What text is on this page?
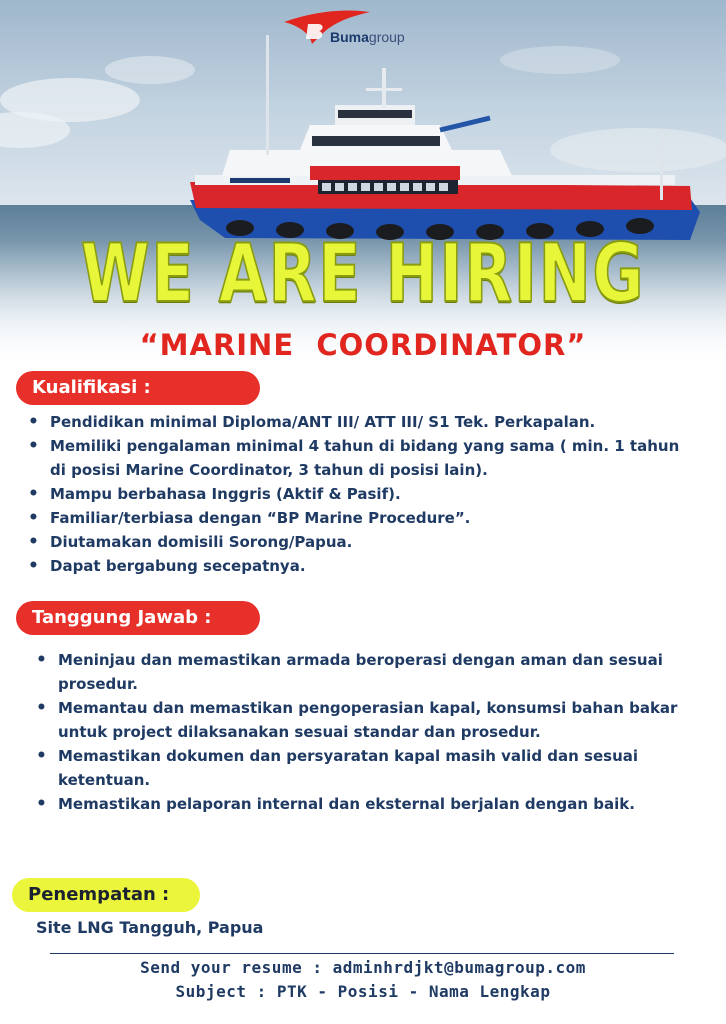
Bumagroup
WE ARE HIRING
“MARINE  COORDINATOR”
Kualifikasi :
• Pendidikan minimal Diploma/ANT III/ ATT III/ S1 Tek. Perkapalan.
• Memiliki pengalaman minimal 4 tahun di bidang yang sama ( min. 1 tahun di posisi Marine Coordinator, 3 tahun di posisi lain).
• Mampu berbahasa Inggris (Aktif & Pasif).
• Familiar/terbiasa dengan “BP Marine Procedure”.
• Diutamakan domisili Sorong/Papua.
• Dapat bergabung secepatnya.
Tanggung Jawab :
• Meninjau dan memastikan armada beroperasi dengan aman dan sesuai prosedur.
• Memantau dan memastikan pengoperasian kapal, konsumsi bahan bakar untuk project dilaksanakan sesuai standar dan prosedur.
• Memastikan dokumen dan persyaratan kapal masih valid dan sesuai ketentuan.
• Memastikan pelaporan internal dan eksternal berjalan dengan baik.
Penempatan :
Site LNG Tangguh, Papua
Send your resume : adminhrdjkt@bumagroup.com
Subject : PTK - Posisi - Nama Lengkap
